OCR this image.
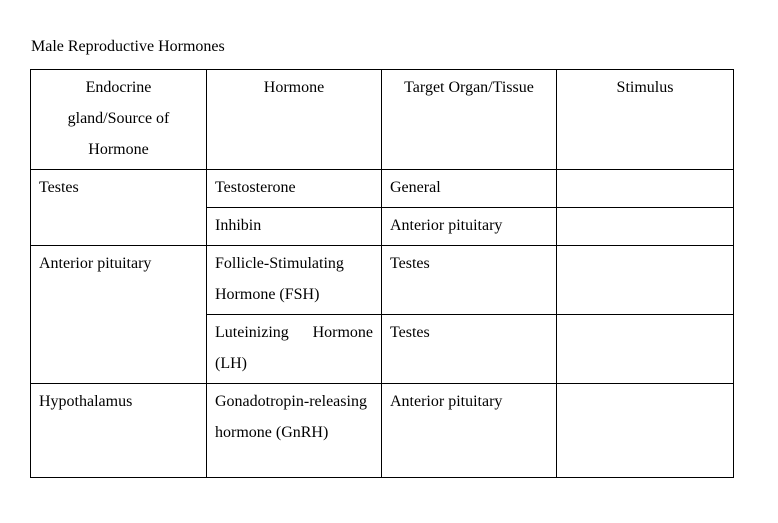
Male Reproductive Hormones
Endocrine gland/Source of Hormone	Hormone	Target Organ/Tissue	Stimulus
Testes	Testosterone	General	
	Inhibin	Anterior pituitary	
Anterior pituitary	Follicle-Stimulating Hormone (FSH)	Testes	
	Luteinizing Hormone (LH)	Testes	
Hypothalamus	Gonadotropin-releasing hormone (GnRH)	Anterior pituitary	
